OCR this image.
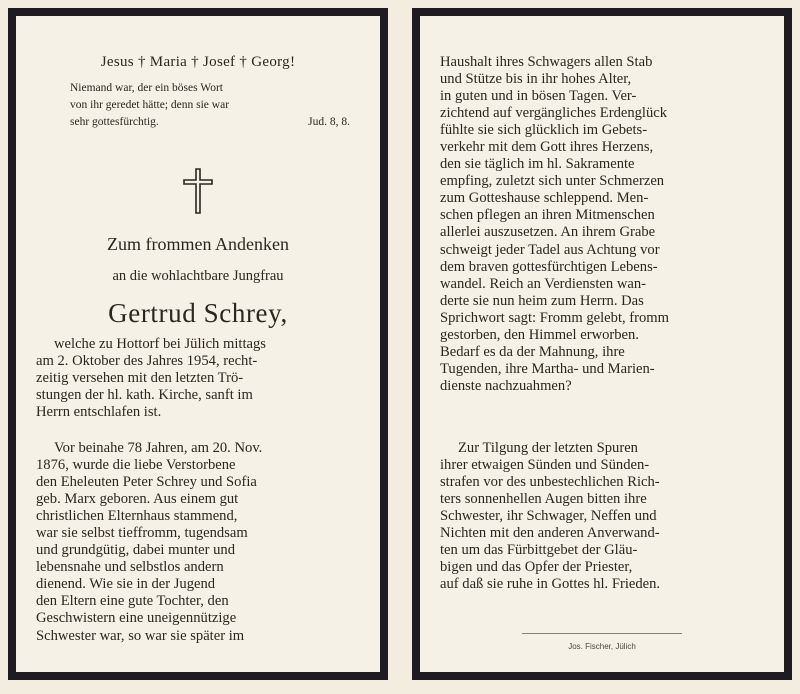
Jesus † Maria † Josef † Georg!
Niemand war, der ein böses Wort
von ihr geredet hätte; denn sie war
sehr gottesfürchtig.	Jud. 8, 8.
Zum frommen Andenken
an die wohlachtbare Jungfrau
Gertrud Schrey,
welche zu Hottorf bei Jülich mittags
am 2. Oktober des Jahres 1954, recht-
zeitig versehen mit den letzten Trö-
stungen der hl. kath. Kirche, sanft im
Herrn entschlafen ist.
Vor beinahe 78 Jahren, am 20. Nov.
1876, wurde die liebe Verstorbene
den Eheleuten Peter Schrey und Sofia
geb. Marx geboren. Aus einem gut
christlichen Elternhaus stammend,
war sie selbst tieffromm, tugendsam
und grundgütig, dabei munter und
lebensnahe und selbstlos andern
dienend. Wie sie in der Jugend
den Eltern eine gute Tochter, den
Geschwistern eine uneigennützige
Schwester war, so war sie später im
Haushalt ihres Schwagers allen Stab
und Stütze bis in ihr hohes Alter,
in guten und in bösen Tagen. Ver-
zichtend auf vergängliches Erdenglück
fühlte sie sich glücklich im Gebets-
verkehr mit dem Gott ihres Herzens,
den sie täglich im hl. Sakramente
empfing, zuletzt sich unter Schmerzen
zum Gotteshause schleppend. Men-
schen pflegen an ihren Mitmenschen
allerlei auszusetzen. An ihrem Grabe
schweigt jeder Tadel aus Achtung vor
dem braven gottesfürchtigen Lebens-
wandel. Reich an Verdiensten wan-
derte sie nun heim zum Herrn. Das
Sprichwort sagt: Fromm gelebt, fromm
gestorben, den Himmel erworben.
Bedarf es da der Mahnung, ihre
Tugenden, ihre Martha- und Marien-
dienste nachzuahmen?
Zur Tilgung der letzten Spuren
ihrer etwaigen Sünden und Sünden-
strafen vor des unbestechlichen Rich-
ters sonnenhellen Augen bitten ihre
Schwester, ihr Schwager, Neffen und
Nichten mit den anderen Anverwand-
ten um das Fürbittgebet der Gläu-
bigen und das Opfer der Priester,
auf daß sie ruhe in Gottes hl. Frieden.
Jos. Fischer, Jülich
